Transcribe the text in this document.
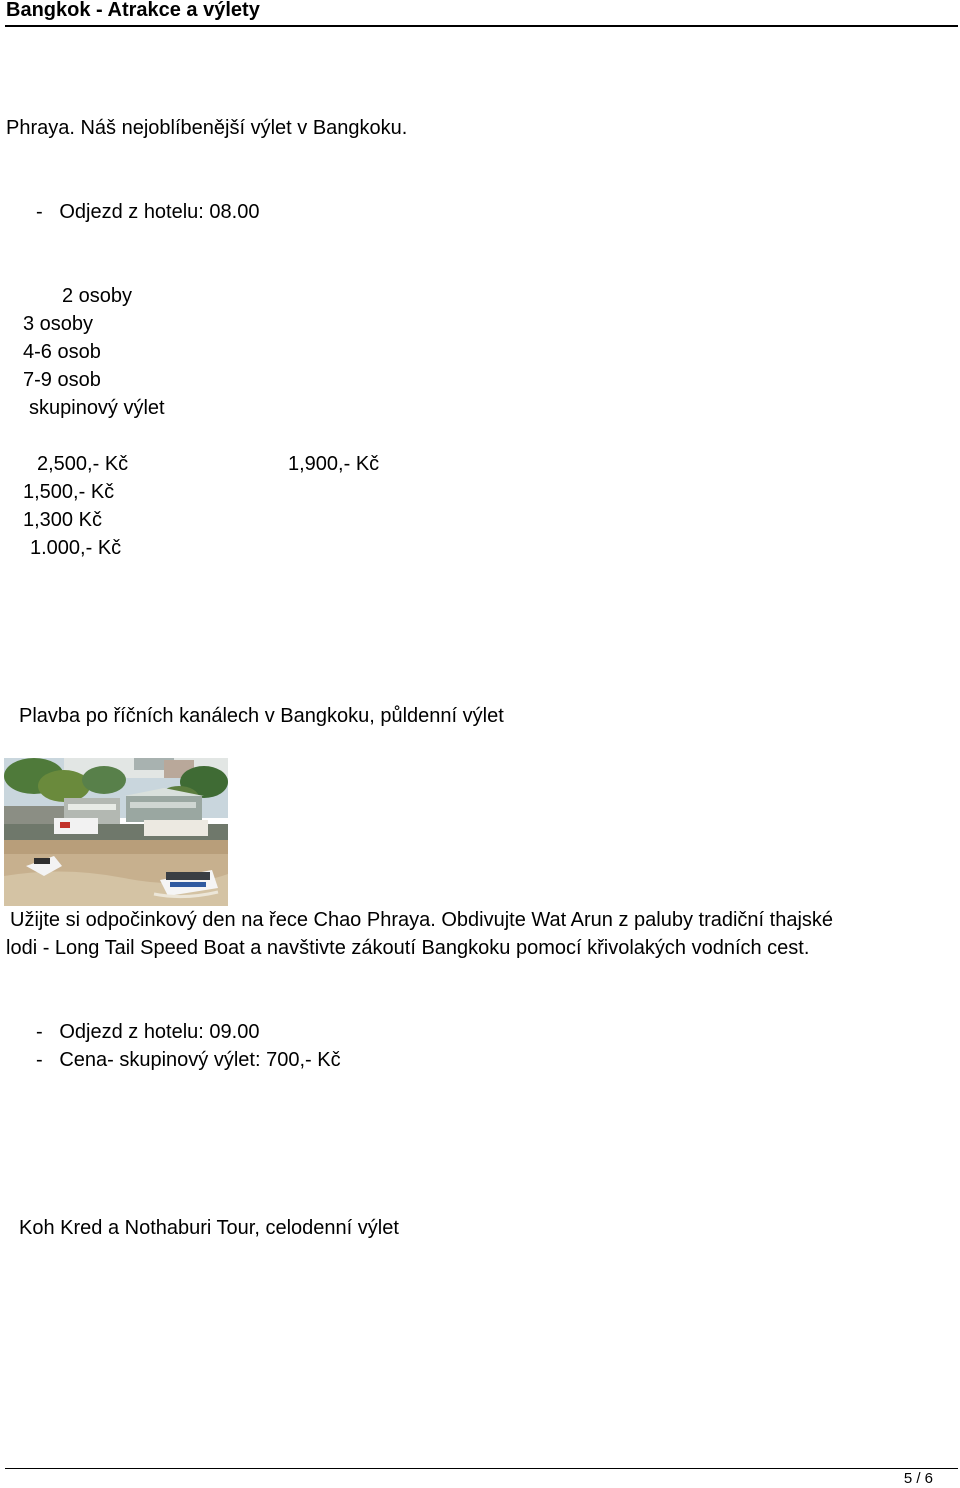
Bangkok - Atrakce a výlety
Phraya. Náš nejoblíbenější výlet v Bangkoku.
-   Odjezd z hotelu: 08.00
2 osoby
3 osoby
4-6 osob
7-9 osob
skupinový výlet
2,500,- Kč
1,500,- Kč
1,300 Kč
1.000,- Kč
1,900,- Kč
Plavba po říčních kanálech v Bangkoku, půldenní výlet
Užijte si odpočinkový den na řece Chao Phraya. Obdivujte Wat Arun z paluby tradiční thajské
lodi - Long Tail Speed Boat a navštivte zákoutí Bangkoku pomocí křivolakých vodních cest.
-   Odjezd z hotelu: 09.00
-   Cena- skupinový výlet: 700,- Kč
Koh Kred a Nothaburi Tour, celodenní výlet
5 / 6
